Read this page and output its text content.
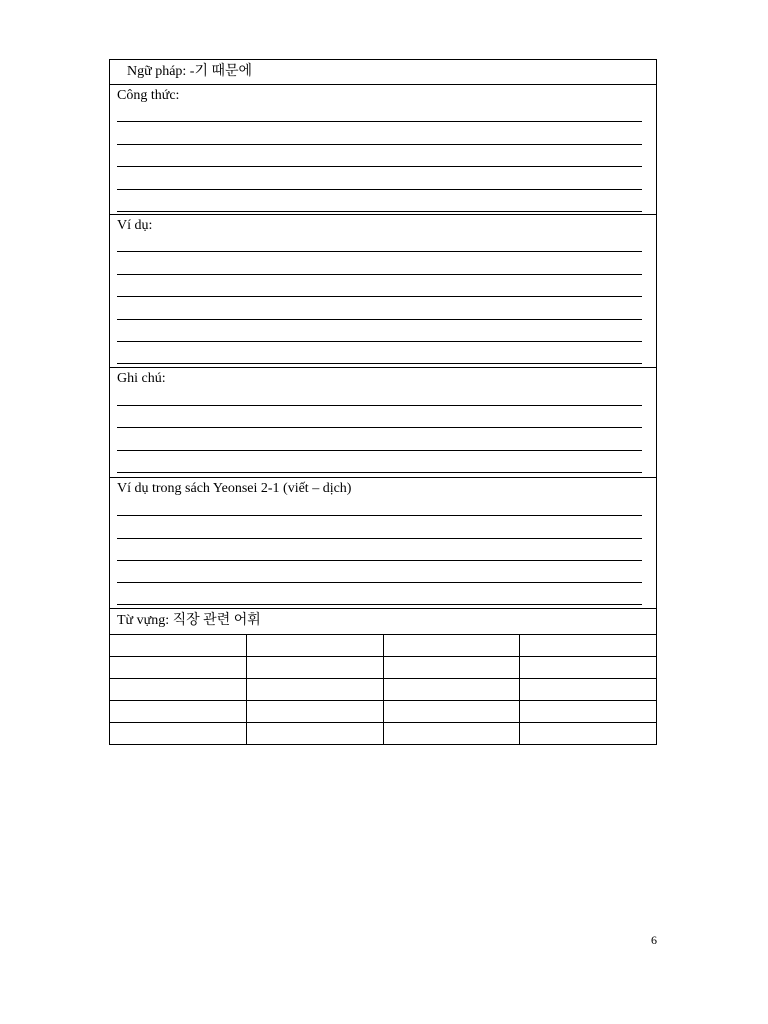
Ngữ pháp: -기 때문에
Công thức:
Ví dụ:
Ghi chú:
Ví dụ trong sách Yeonsei 2-1 (viết – dịch)
Từ vựng: 직장 관련 어휘

6
